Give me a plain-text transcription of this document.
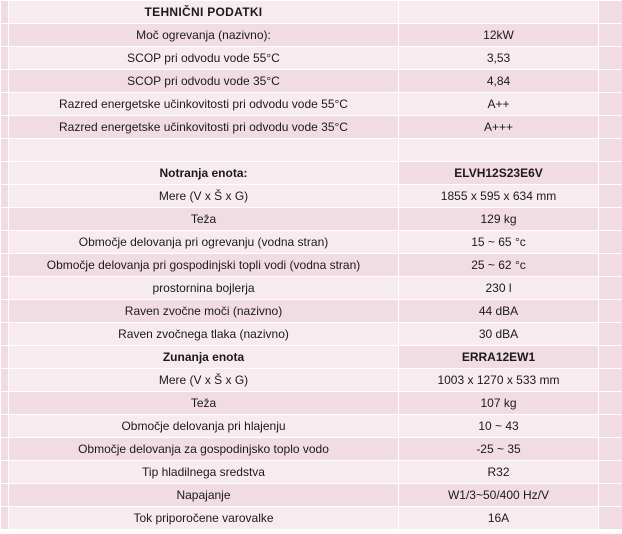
	TEHNIČNI PODATKI		
	Moč ogrevanja (nazivno):	12kW	
	SCOP pri odvodu vode 55°C	3,53	
	SCOP pri odvodu vode 35°C	4,84	
	Razred energetske učinkovitosti pri odvodu vode 55°C	A++	
	Razred energetske učinkovitosti pri odvodu vode 35°C	A+++	

	Notranja enota:	ELVH12S23E6V	
	Mere (V x Š x G)	1855 x 595 x 634 mm	
	Teža	129 kg	
	Območje delovanja pri ogrevanju (vodna stran)	15 ~ 65 °c	
	Območje delovanja pri gospodinjski topli vodi (vodna stran)	25 ~ 62 °c	
	prostornina bojlerja	230 l	
	Raven zvočne moči (nazivno)	44 dBA	
	Raven zvočnega tlaka (nazivno)	30 dBA	
	Zunanja enota	ERRA12EW1	
	Mere (V x Š x G)	1003 x 1270 x 533 mm	
	Teža	107 kg	
	Območje delovanja pri hlajenju	10 ~ 43	
	Območje delovanja za gospodinjsko toplo vodo	-25 ~ 35	
	Tip hladilnega sredstva	R32	
	Napajanje	W1/3~50/400 Hz/V	
	Tok priporočene varovalke	16A	
